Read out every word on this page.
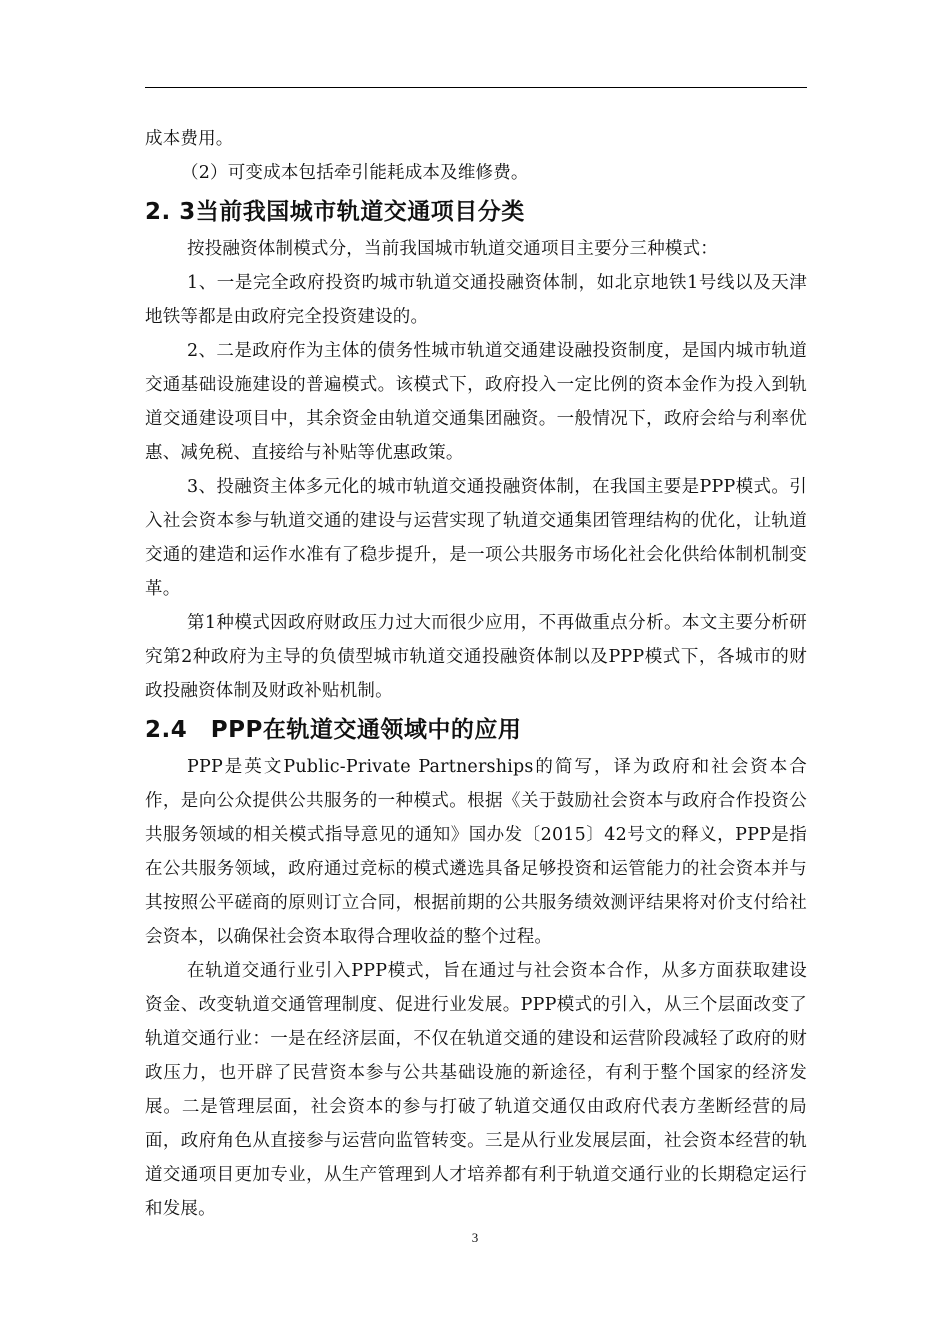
成本费用。

（2）可变成本包括牵引能耗成本及维修费。

2. 3当前我国城市轨道交通项目分类

按投融资体制模式分，当前我国城市轨道交通项目主要分三种模式：

1、一是完全政府投资旳城市轨道交通投融资体制，如北京地铁1号线以及天津地铁等都是由政府完全投资建设的。

2、二是政府作为主体的债务性城市轨道交通建设融投资制度，是国内城市轨道交通基础设施建设的普遍模式。该模式下，政府投入一定比例的资本金作为投入到轨道交通建设项目中，其余资金由轨道交通集团融资。一般情况下，政府会给与利率优惠、减免税、直接给与补贴等优惠政策。

3、投融资主体多元化的城市轨道交通投融资体制，在我国主要是PPP模式。引入社会资本参与轨道交通的建设与运营实现了轨道交通集团管理结构的优化，让轨道交通的建造和运作水准有了稳步提升，是一项公共服务市场化社会化供给体制机制变革。

第1种模式因政府财政压力过大而很少应用，不再做重点分析。本文主要分析研究第2种政府为主导的负债型城市轨道交通投融资体制以及PPP模式下，各城市的财政投融资体制及财政补贴机制。

2.4　PPP在轨道交通领域中的应用

PPP是英文Public-Private Partnerships的简写，译为政府和社会资本合作，是向公众提供公共服务的一种模式。根据《关于鼓励社会资本与政府合作投资公共服务领域的相关模式指导意见的通知》国办发〔2015〕42号文的释义，PPP是指在公共服务领域，政府通过竞标的模式遴选具备足够投资和运管能力的社会资本并与其按照公平磋商的原则订立合同，根据前期的公共服务绩效测评结果将对价支付给社会资本，以确保社会资本取得合理收益的整个过程。

在轨道交通行业引入PPP模式，旨在通过与社会资本合作，从多方面获取建设资金、改变轨道交通管理制度、促进行业发展。PPP模式的引入，从三个层面改变了轨道交通行业：一是在经济层面，不仅在轨道交通的建设和运营阶段减轻了政府的财政压力，也开辟了民营资本参与公共基础设施的新途径，有利于整个国家的经济发展。二是管理层面，社会资本的参与打破了轨道交通仅由政府代表方垄断经营的局面，政府角色从直接参与运营向监管转变。三是从行业发展层面，社会资本经营的轨道交通项目更加专业，从生产管理到人才培养都有利于轨道交通行业的长期稳定运行和发展。

3
